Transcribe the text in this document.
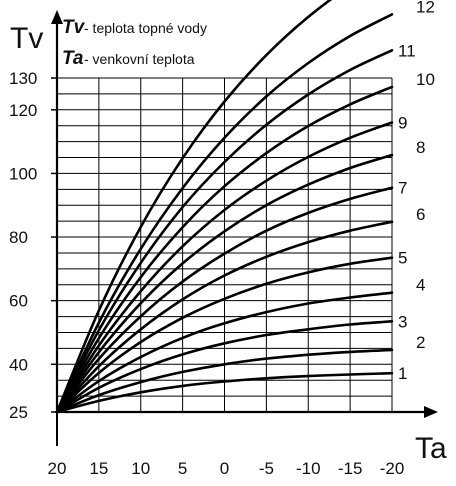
25
40
60
80
100
120
130
20 15 10 5 0 -5 -10 -15 -20
1
2
3
4
5
6
7
8
9
10
11
12
Tv
Ta
Tv - teplota topné vody
Ta - venkovní teplota
